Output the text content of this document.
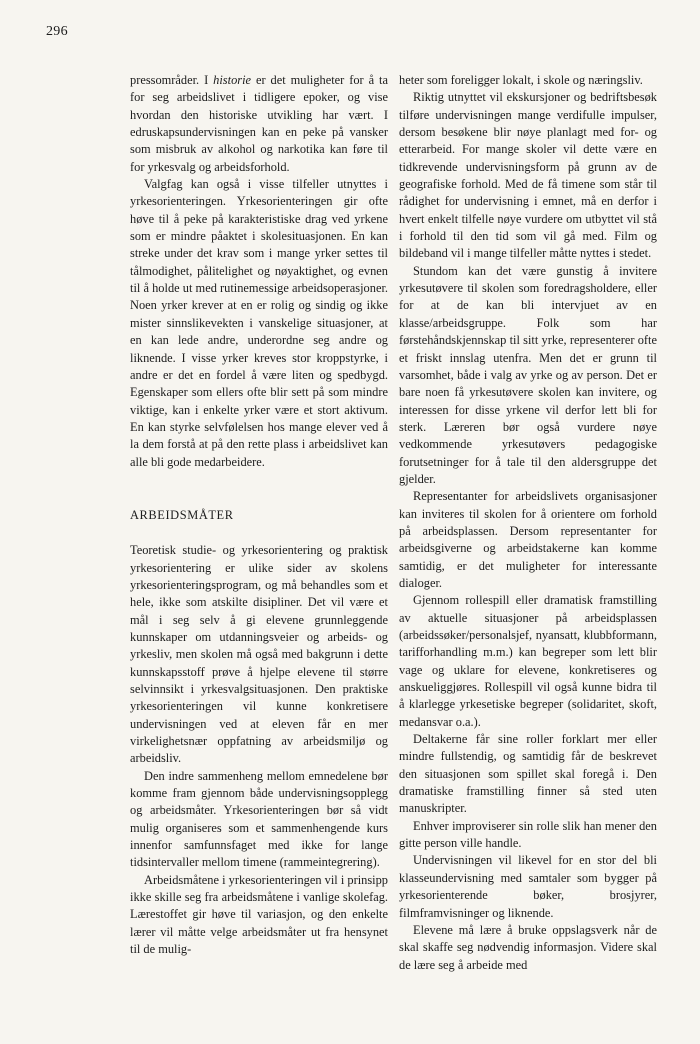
296

pressområder. I historie er det muligheter for å ta for seg arbeidslivet i tidligere epoker, og vise hvordan den historiske utvikling har vært. I edruskapsundervisningen kan en peke på vansker som misbruk av alkohol og narkotika kan føre til for yrkesvalg og arbeidsforhold.

Valgfag kan også i visse tilfeller utnyttes i yrkesorienteringen. Yrkesorienteringen gir ofte høve til å peke på karakteristiske drag ved yrkene som er mindre påaktet i skolesituasjonen. En kan streke under det krav som i mange yrker settes til tålmodighet, pålitelighet og nøyaktighet, og evnen til å holde ut med rutinemessige arbeidsoperasjoner. Noen yrker krever at en er rolig og sindig og ikke mister sinnslikevekten i vanskelige situasjoner, at en kan lede andre, underordne seg andre og liknende. I visse yrker kreves stor kroppstyrke, i andre er det en fordel å være liten og spedbygd. Egenskaper som ellers ofte blir sett på som mindre viktige, kan i enkelte yrker være et stort aktivum. En kan styrke selvfølelsen hos mange elever ved å la dem forstå at på den rette plass i arbeidslivet kan alle bli gode medarbeidere.

ARBEIDSMÅTER

Teoretisk studie- og yrkesorientering og praktisk yrkesorientering er ulike sider av skolens yrkesorienteringsprogram, og må behandles som et hele, ikke som atskilte disipliner. Det vil være et mål i seg selv å gi elevene grunnleggende kunnskaper om utdanningsveier og arbeids- og yrkesliv, men skolen må også med bakgrunn i dette kunnskapsstoff prøve å hjelpe elevene til større selvinnsikt i yrkesvalgsituasjonen. Den praktiske yrkesorienteringen vil kunne konkretisere undervisningen ved at eleven får en mer virkelighetsnær oppfatning av arbeidsmiljø og arbeidsliv.

Den indre sammenheng mellom emnedelene bør komme fram gjennom både undervisningsopplegg og arbeidsmåter. Yrkesorienteringen bør så vidt mulig organiseres som et sammenhengende kurs innenfor samfunnsfaget med ikke for lange tidsintervaller mellom timene (rammeintegrering).

Arbeidsmåtene i yrkesorienteringen vil i prinsipp ikke skille seg fra arbeidsmåtene i vanlige skolefag. Lærestoffet gir høve til variasjon, og den enkelte lærer vil måtte velge arbeidsmåter ut fra hensynet til de mulig-

heter som foreligger lokalt, i skole og næringsliv.

Riktig utnyttet vil ekskursjoner og bedriftsbesøk tilføre undervisningen mange verdifulle impulser, dersom besøkene blir nøye planlagt med for- og etterarbeid. For mange skoler vil dette være en tidkrevende undervisningsform på grunn av de geografiske forhold. Med de få timene som står til rådighet for undervisning i emnet, må en derfor i hvert enkelt tilfelle nøye vurdere om utbyttet vil stå i forhold til den tid som vil gå med. Film og bildeband vil i mange tilfeller måtte nyttes i stedet.

Stundom kan det være gunstig å invitere yrkesutøvere til skolen som foredragsholdere, eller for at de kan bli intervjuet av en klasse/arbeidsgruppe. Folk som har førstehåndskjennskap til sitt yrke, representerer ofte et friskt innslag utenfra. Men det er grunn til varsomhet, både i valg av yrke og av person. Det er bare noen få yrkesutøvere skolen kan invitere, og interessen for disse yrkene vil derfor lett bli for sterk. Læreren bør også vurdere nøye vedkommende yrkesutøvers pedagogiske forutsetninger for å tale til den aldersgruppe det gjelder.

Representanter for arbeidslivets organisasjoner kan inviteres til skolen for å orientere om forhold på arbeidsplassen. Dersom representanter for arbeidsgiverne og arbeidstakerne kan komme samtidig, er det muligheter for interessante dialoger.

Gjennom rollespill eller dramatisk framstilling av aktuelle situasjoner på arbeidsplassen (arbeidssøker/personalsjef, nyansatt, klubbformann, tarifforhandling m.m.) kan begreper som lett blir vage og uklare for elevene, konkretiseres og anskueliggjøres. Rollespill vil også kunne bidra til å klarlegge yrkesetiske begreper (solidaritet, skoft, medansvar o.a.).

Deltakerne får sine roller forklart mer eller mindre fullstendig, og samtidig får de beskrevet den situasjonen som spillet skal foregå i. Den dramatiske framstilling finner så sted uten manuskripter.

Enhver improviserer sin rolle slik han mener den gitte person ville handle.

Undervisningen vil likevel for en stor del bli klasseundervisning med samtaler som bygger på yrkesorienterende bøker, brosjyrer, filmframvisninger og liknende.

Elevene må lære å bruke oppslagsverk når de skal skaffe seg nødvendig informasjon. Videre skal de lære seg å arbeide med
